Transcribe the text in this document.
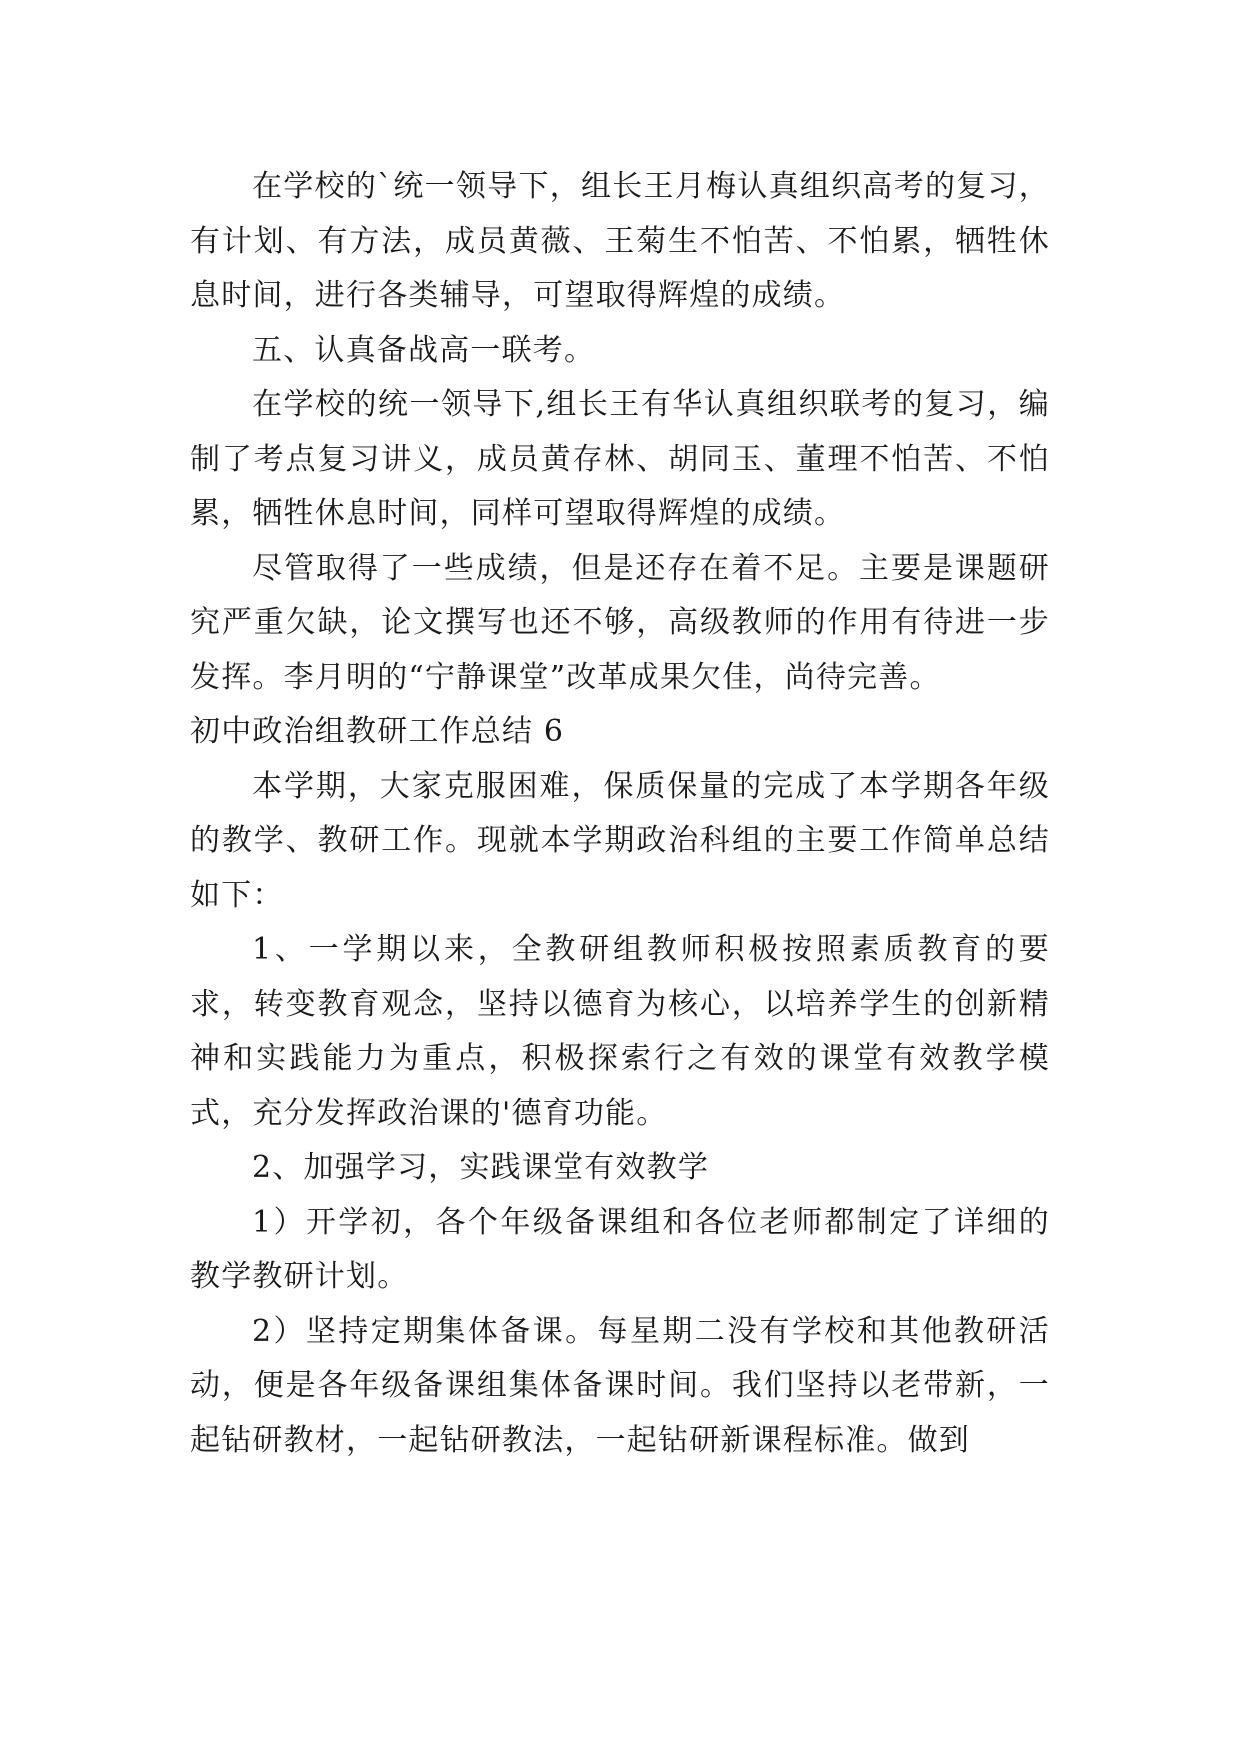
在学校的`统一领导下，组长王月梅认真组织高考的复习，有计划、有方法，成员黄薇、王菊生不怕苦、不怕累，牺牲休息时间，进行各类辅导，可望取得辉煌的成绩。

五、认真备战高一联考。

在学校的统一领导下,组长王有华认真组织联考的复习，编制了考点复习讲义，成员黄存林、胡同玉、董理不怕苦、不怕累，牺牲休息时间，同样可望取得辉煌的成绩。

尽管取得了一些成绩，但是还存在着不足。主要是课题研究严重欠缺，论文撰写也还不够，高级教师的作用有待进一步发挥。李月明的“宁静课堂”改革成果欠佳，尚待完善。

初中政治组教研工作总结 6

本学期，大家克服困难，保质保量的完成了本学期各年级的教学、教研工作。现就本学期政治科组的主要工作简单总结如下：

1、一学期以来，全教研组教师积极按照素质教育的要求，转变教育观念，坚持以德育为核心，以培养学生的创新精神和实践能力为重点，积极探索行之有效的课堂有效教学模式，充分发挥政治课的'德育功能。

2、加强学习，实践课堂有效教学

1）开学初，各个年级备课组和各位老师都制定了详细的教学教研计划。

2）坚持定期集体备课。每星期二没有学校和其他教研活动，便是各年级备课组集体备课时间。我们坚持以老带新，一起钻研教材，一起钻研教法，一起钻研新课程标准。做到
